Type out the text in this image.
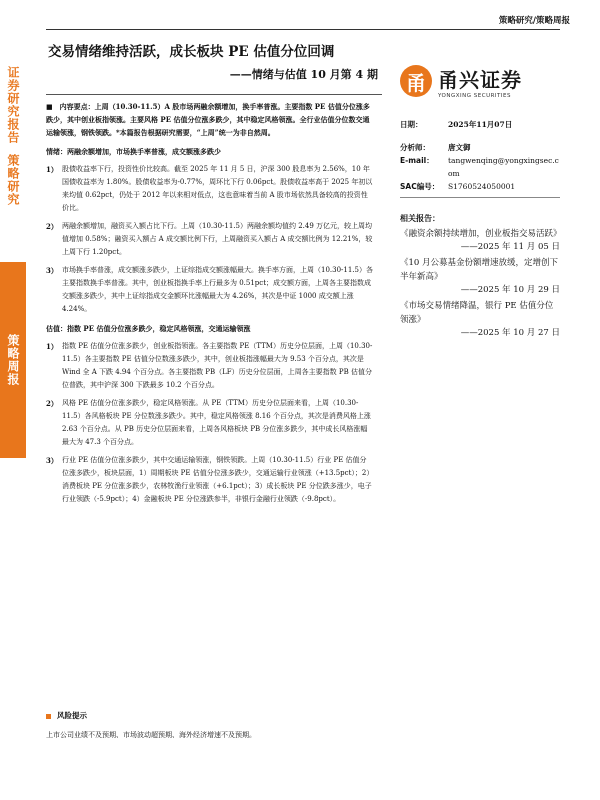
证券研究报告
策略研究
策略周报
策略研究/策略周报
交易情绪维持活跃，成长板块 PE 估值分位回调
——情绪与估值 10 月第 4 期	甬 甬兴证券
YONGXING SECURITIES

■　内容要点：上周（10.30-11.5）A 股市场两融余额增加，换手率普涨。主要指数 PE 估值分位涨多跌少，其中创业板指领涨。主要风格 PE 估值分位涨多跌少，其中稳定风格领涨。全行业估值分位数交通运输领涨，钢铁领跌。*本篇报告根据研究需要，“上周”统一为非自然周。

情绪：两融余额增加，市场换手率普涨，成交额涨多跌少

1） 股债收益率下行，投资性价比较高。截至 2025 年 11 月 5 日，沪深 300 股息率为 2.56%，10 年国债收益率为 1.80%。股债收益率为-0.77%，周环比下行 0.06pct。股债收益率高于 2025 年初以来均值 0.62pct，仍处于 2012 年以来相对低点，这也意味着当前 A 股市场依然具备较高的投资性价比。
2） 两融余额增加，融资买入额占比下行。上周（10.30-11.5）两融余额均值约 2.49 万亿元，较上周均值增加 0.58%；融资买入额占 A 成交额比例下行，上周融资买入额占 A 成交额比例为 12.21%，较上周下行 1.20pct。
3） 市场换手率普涨，成交额涨多跌少，上证综指成交额涨幅最大。换手率方面，上周（10.30-11.5）各主要指数换手率普涨。其中，创业板指换手率上行最多为 0.51pct；成交额方面，上周各主要指数成交额涨多跌少，其中上证综指成交金额环比涨幅最大为 4.26%，其次是中证 1000 成交额上涨 4.24%。

估值：指数 PE 估值分位涨多跌少，稳定风格领涨，交通运输领涨

1） 指数 PE 估值分位涨多跌少，创业板指领涨。各主要指数 PE（TTM）历史分位层面，上周（10.30-11.5）各主要指数 PE 估值分位数涨多跌少，其中，创业板指涨幅最大为 9.53 个百分点，其次是 Wind 全 A 下跌 4.94 个百分点。各主要指数 PB（LF）历史分位层面，上周各主要指数 PB 估值分位普跌，其中沪深 300 下跌最多 10.2 个百分点。
2） 风格 PE 估值分位涨多跌少，稳定风格领涨。从 PE（TTM）历史分位层面来看，上周（10.30-11.5）各风格板块 PE 分位数涨多跌少。其中，稳定风格领涨 8.16 个百分点，其次是消费风格上涨 2.63 个百分点。从 PB 历史分位层面来看，上周各风格板块 PB 分位涨多跌少，其中成长风格涨幅最大为 47.3 个百分点。
3） 行业 PE 估值分位涨多跌少，其中交通运输领涨，钢铁领跌。上周（10.30-11.5）行业 PE 估值分位涨多跌少，板块层面，1）周期板块 PE 估值分位涨多跌少，交通运输行业领涨（+13.5pct）；2）消费板块 PE 分位涨多跌少，农林牧渔行业领涨（+6.1pct）；3）成长板块 PE 分位跌多涨少，电子行业领跌（-5.9pct）；4）金融板块 PE 分位涨跌参半，非银行金融行业领跌（-9.8pct）。
风险提示
上市公司业绩不及预期、市场波动超预期、海外经济增速不及预期。
日期：	2025年11月07日
分析师：	唐文御
E-mail：	tangwenqing@yongxingsec.com
SAC编号：	S1760524050001
相关报告：
《融资余额持续增加，创业板指交易活跃》
——2025 年 11 月 05 日
《10 月公募基金份额增速放缓，定增创下半年新高》
——2025 年 10 月 29 日
《市场交易情绪降温，银行 PE 估值分位领涨》
——2025 年 10 月 27 日
